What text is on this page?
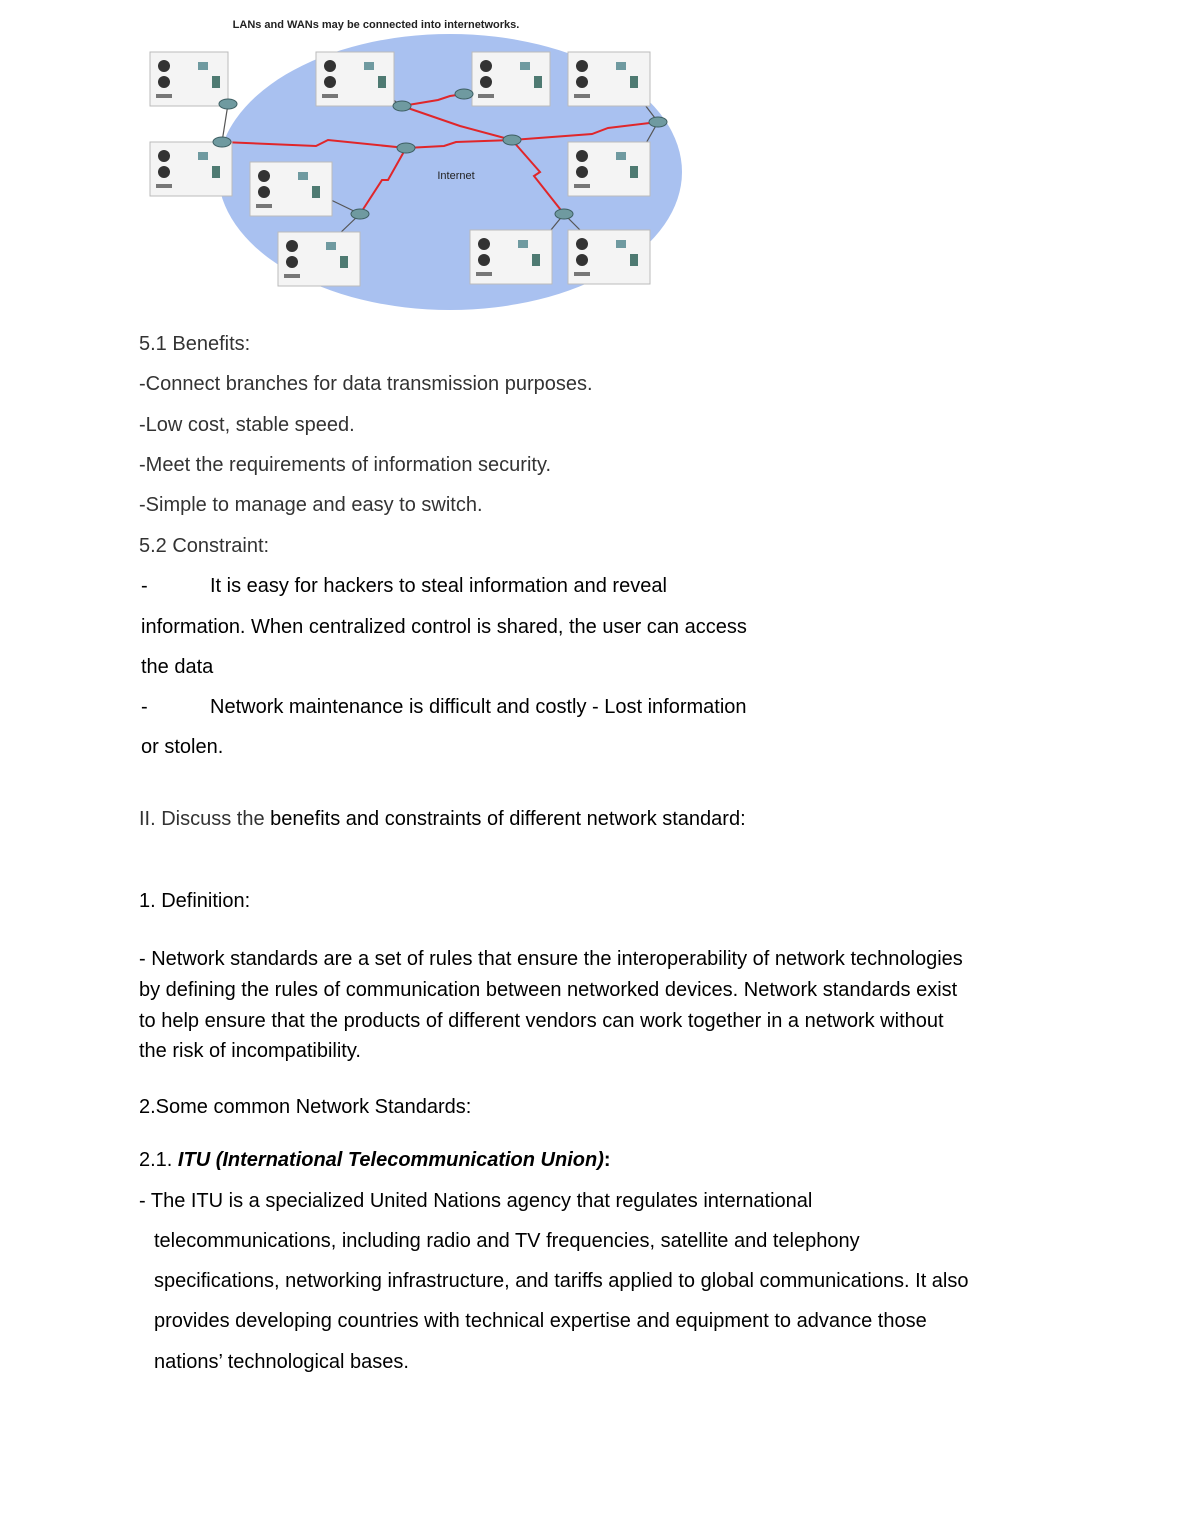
LANs and WANs may be connected into internetworks.
Internet
5.1 Benefits:
-Connect branches for data transmission purposes.
-Low cost, stable speed.
-Meet the requirements of information security.
-Simple to manage and easy to switch.
5.2 Constraint:
-	It is easy for hackers to steal information and reveal
information. When centralized control is shared, the user can access
the data
-	Network maintenance is difficult and costly - Lost information
or stolen.
II. Discuss the benefits and constraints of different network standard:
1. Definition:
- Network standards are a set of rules that ensure the interoperability of network technologies
by defining the rules of communication between networked devices. Network standards exist
to help ensure that the products of different vendors can work together in a network without
the risk of incompatibility.
2.Some common Network Standards:
2.1. ITU (International Telecommunication Union):
- The ITU is a specialized United Nations agency that regulates international
telecommunications, including radio and TV frequencies, satellite and telephony
specifications, networking infrastructure, and tariffs applied to global communications. It also
provides developing countries with technical expertise and equipment to advance those
nations’ technological bases.
